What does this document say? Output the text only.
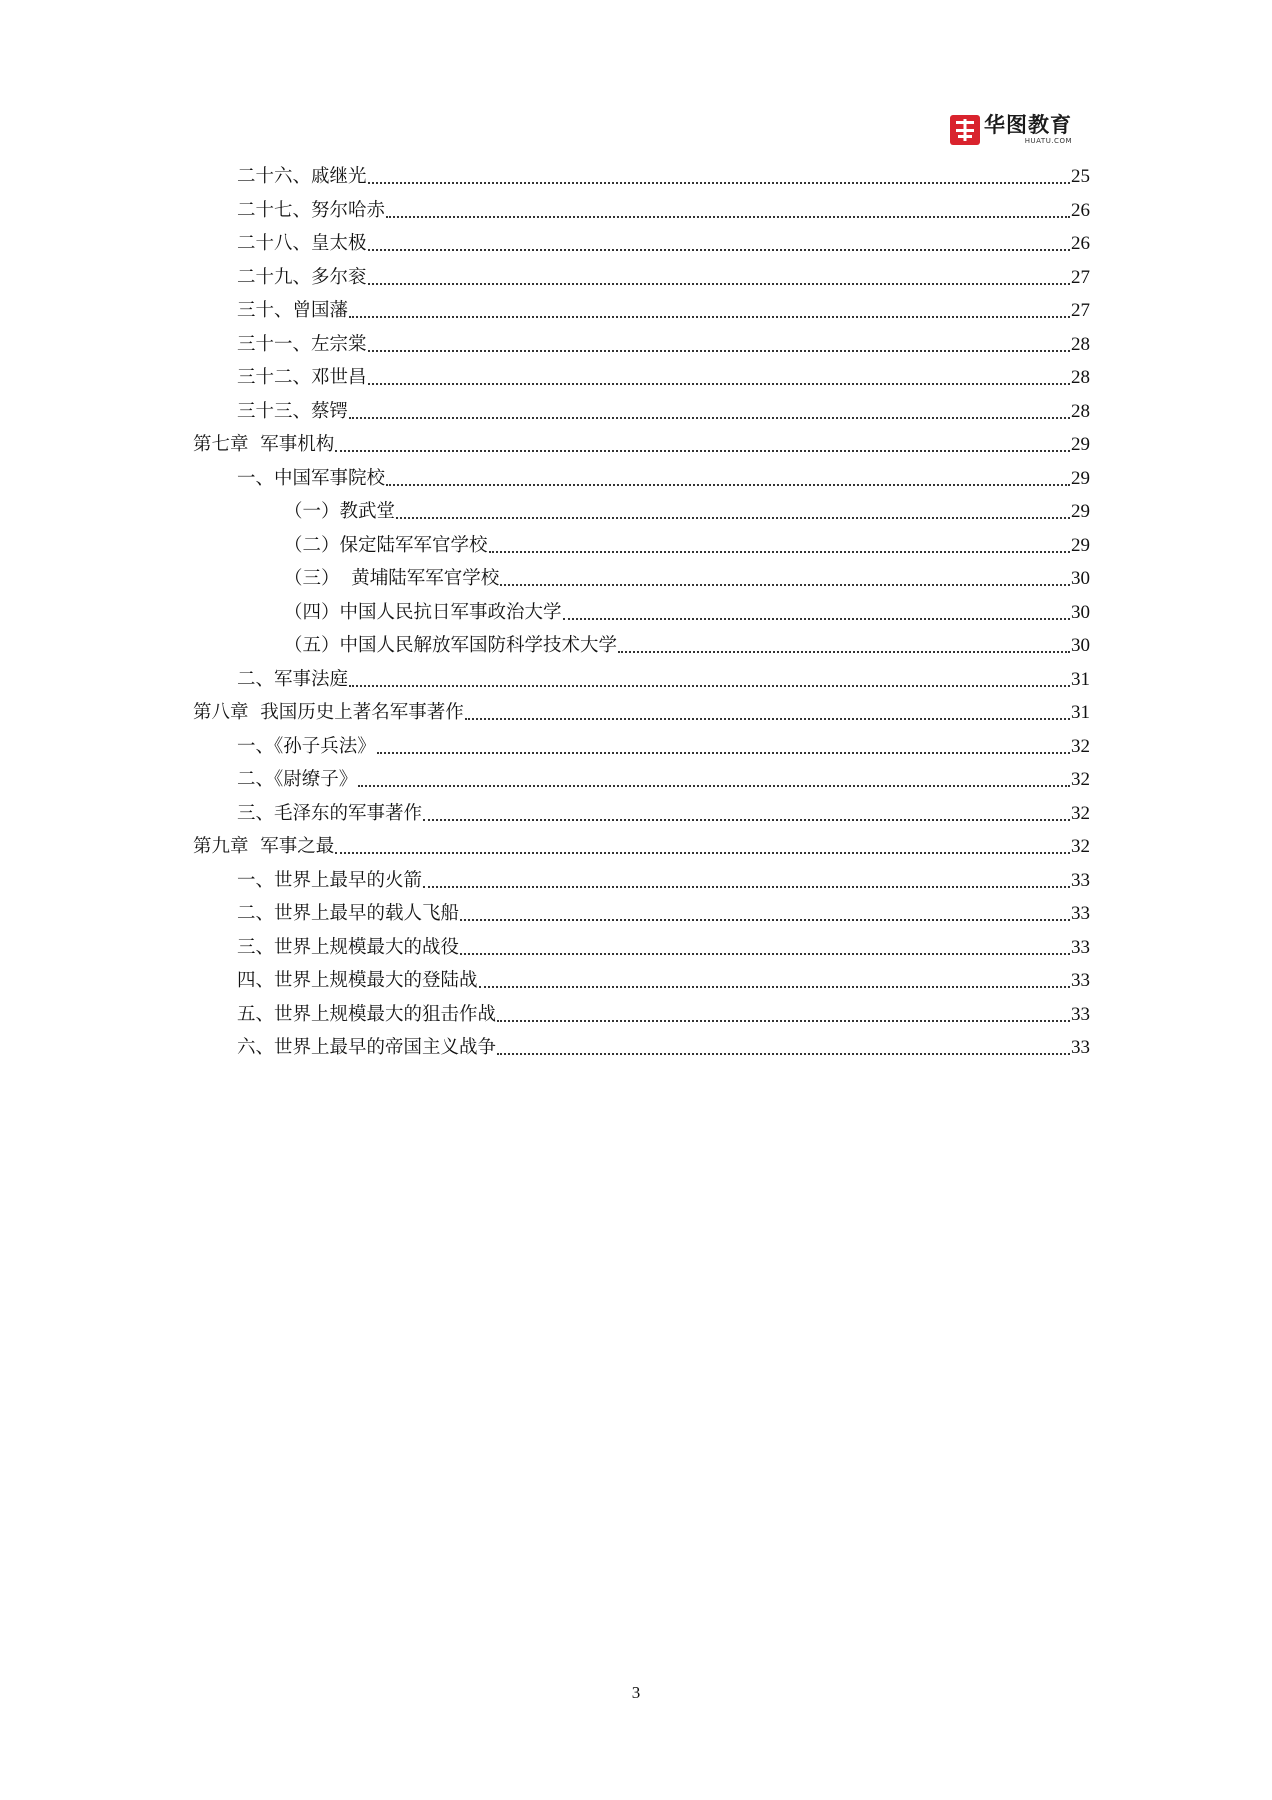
华图教育
HUATU.COM
二十六、戚继光	25
二十七、努尔哈赤	26
二十八、皇太极	26
二十九、多尔衮	27
三十、曾国藩	27
三十一、左宗棠	28
三十二、邓世昌	28
三十三、蔡锷	28
第七章  军事机构	29
一、中国军事院校	29
（一）教武堂	29
（二）保定陆军军官学校	29
（三）  黄埔陆军军官学校	30
（四）中国人民抗日军事政治大学	30
（五）中国人民解放军国防科学技术大学	30
二、军事法庭	31
第八章  我国历史上著名军事著作	31
一、《孙子兵法》	32
二、《尉缭子》	32
三、毛泽东的军事著作	32
第九章  军事之最	32
一、世界上最早的火箭	33
二、世界上最早的载人飞船	33
三、世界上规模最大的战役	33
四、世界上规模最大的登陆战	33
五、世界上规模最大的狙击作战	33
六、世界上最早的帝国主义战争	33
3
